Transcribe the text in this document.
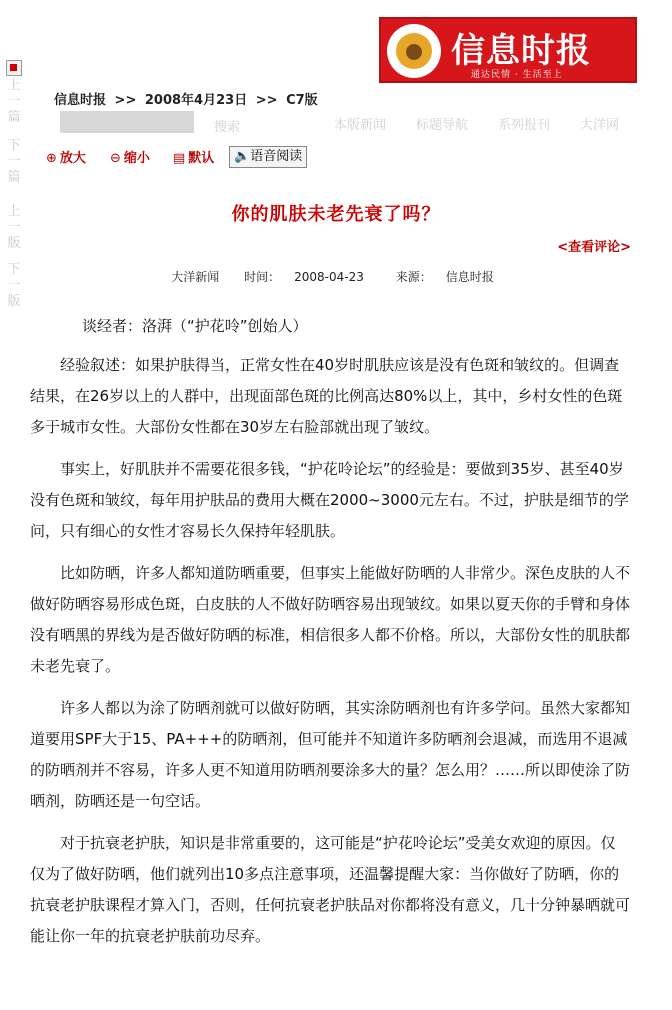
上一篇
下一篇
上一版
下一版
信息时报
通达民情 · 生活至上
信息时报 >> 2008年4月23日 >> C7版
搜索	本版新闻 标题导航 系列报刊 大洋网
⊕ 放大 ⊖ 缩小 ▤ 默认	🔈语音阅读
你的肌肤未老先衰了吗？
<查看评论>
大洋新闻 时间： 2008-04-23	来源： 信息时报
谈经者：洛湃（“护花呤”创始人）

经验叙述：如果护肤得当，正常女性在40岁时肌肤应该是没有色斑和皱纹的。但调查结果，在26岁以上的人群中，出现面部色斑的比例高达80%以上，其中，乡村女性的色斑多于城市女性。大部份女性都在30岁左右脸部就出现了皱纹。

事实上，好肌肤并不需要花很多钱，“护花呤论坛”的经验是：要做到35岁、甚至40岁没有色斑和皱纹，每年用护肤品的费用大概在2000~3000元左右。不过，护肤是细节的学问，只有细心的女性才容易长久保持年轻肌肤。

比如防晒，许多人都知道防晒重要，但事实上能做好防晒的人非常少。深色皮肤的人不做好防晒容易形成色斑，白皮肤的人不做好防晒容易出现皱纹。如果以夏天你的手臂和身体没有晒黑的界线为是否做好防晒的标准，相信很多人都不价格。所以，大部份女性的肌肤都未老先衰了。

许多人都以为涂了防晒剂就可以做好防晒，其实涂防晒剂也有许多学问。虽然大家都知道要用SPF大于15、PA+++的防晒剂，但可能并不知道许多防晒剂会退减，而选用不退减的防晒剂并不容易，许多人更不知道用防晒剂要涂多大的量？怎么用？……所以即使涂了防晒剂，防晒还是一句空话。

对于抗衰老护肤，知识是非常重要的，这可能是“护花呤论坛”受美女欢迎的原因。仅仅为了做好防晒，他们就列出10多点注意事项，还温馨提醒大家：当你做好了防晒，你的抗衰老护肤课程才算入门，否则，任何抗衰老护肤品对你都将没有意义，几十分钟暴晒就可能让你一年的抗衰老护肤前功尽弃。
